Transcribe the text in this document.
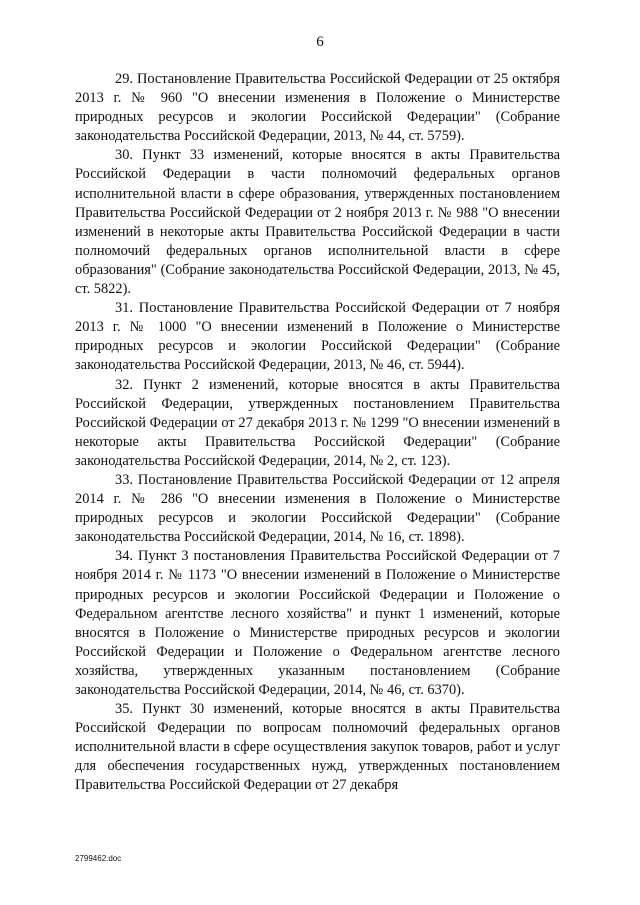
6

29. Постановление Правительства Российской Федерации от 25 октября 2013 г. № 960 "О внесении изменения в Положение о Министерстве природных ресурсов и экологии Российской Федерации" (Собрание законодательства Российской Федерации, 2013, № 44, ст. 5759).

30. Пункт 33 изменений, которые вносятся в акты Правительства Российской Федерации в части полномочий федеральных органов исполнительной власти в сфере образования, утвержденных постановлением Правительства Российской Федерации от 2 ноября 2013 г. № 988 "О внесении изменений в некоторые акты Правительства Российской Федерации в части полномочий федеральных органов исполнительной власти в сфере образования" (Собрание законодательства Российской Федерации, 2013, № 45, ст. 5822).

31. Постановление Правительства Российской Федерации от 7 ноября 2013 г. № 1000 "О внесении изменений в Положение о Министерстве природных ресурсов и экологии Российской Федерации" (Собрание законодательства Российской Федерации, 2013, № 46, ст. 5944).

32. Пункт 2 изменений, которые вносятся в акты Правительства Российской Федерации, утвержденных постановлением Правительства Российской Федерации от 27 декабря 2013 г. № 1299 "О внесении изменений в некоторые акты Правительства Российской Федерации" (Собрание законодательства Российской Федерации, 2014, № 2, ст. 123).

33. Постановление Правительства Российской Федерации от 12 апреля 2014 г. № 286 "О внесении изменения в Положение о Министерстве природных ресурсов и экологии Российской Федерации" (Собрание законодательства Российской Федерации, 2014, № 16, ст. 1898).

34. Пункт 3 постановления Правительства Российской Федерации от 7 ноября 2014 г. № 1173 "О внесении изменений в Положение о Министерстве природных ресурсов и экологии Российской Федерации и Положение о Федеральном агентстве лесного хозяйства" и пункт 1 изменений, которые вносятся в Положение о Министерстве природных ресурсов и экологии Российской Федерации и Положение о Федеральном агентстве лесного хозяйства, утвержденных указанным постановлением (Собрание законодательства Российской Федерации, 2014, № 46, ст. 6370).

35. Пункт 30 изменений, которые вносятся в акты Правительства Российской Федерации по вопросам полномочий федеральных органов исполнительной власти в сфере осуществления закупок товаров, работ и услуг для обеспечения государственных нужд, утвержденных постановлением Правительства Российской Федерации от 27 декабря

2799462.doc
